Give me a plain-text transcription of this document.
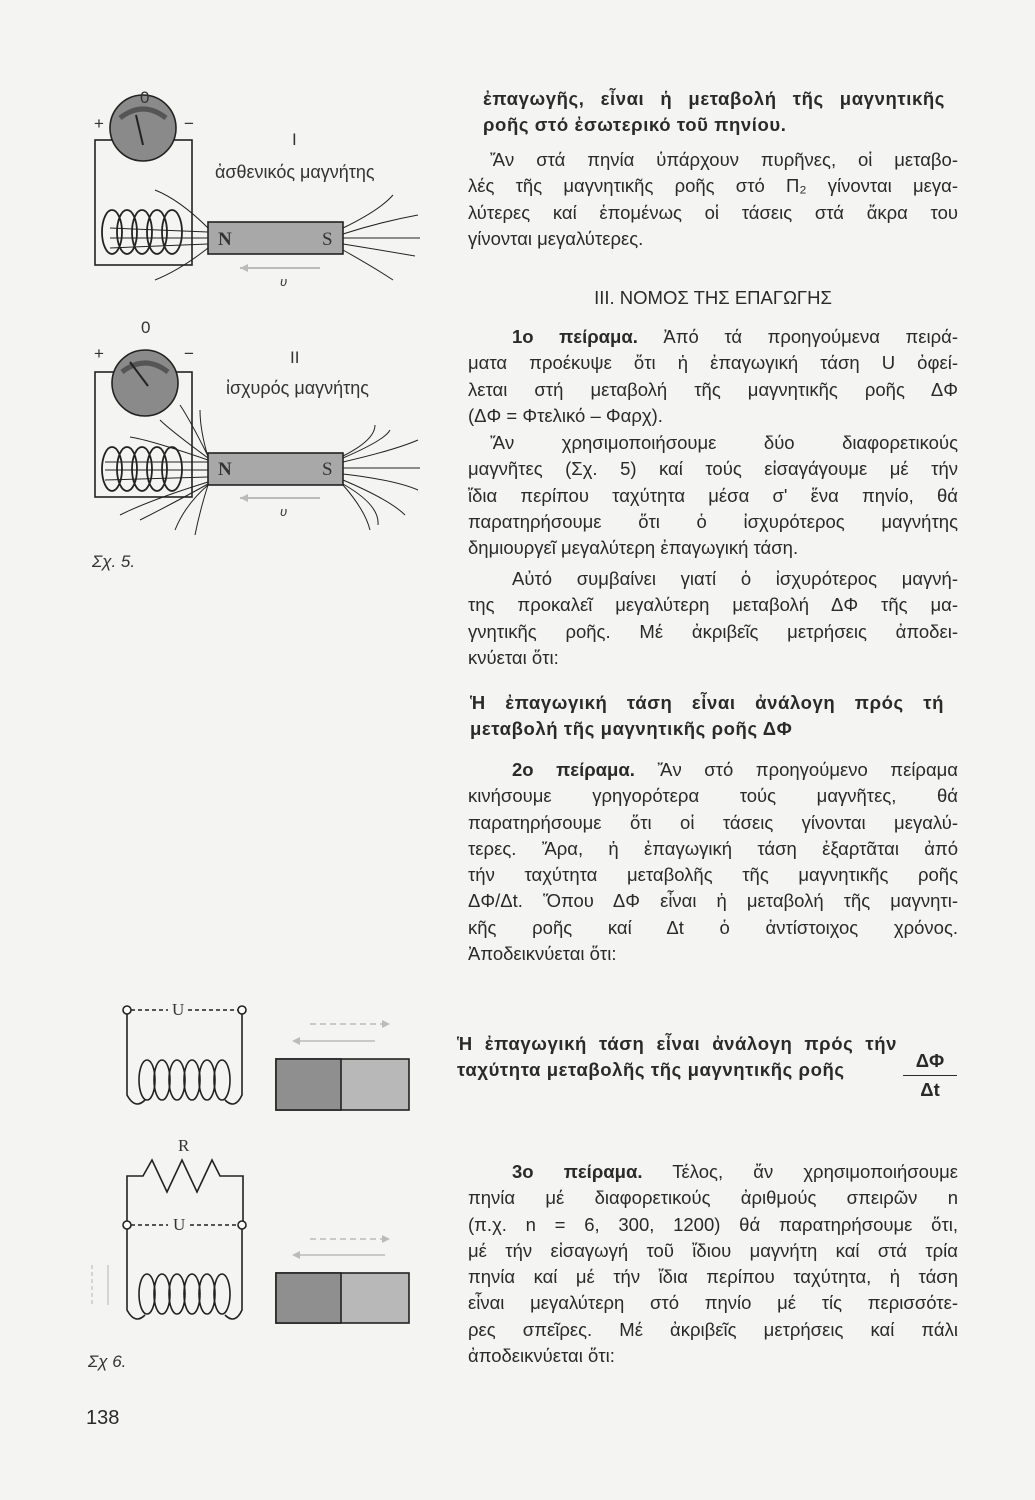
0
+	−
I
ἀσθενικός μαγνήτης
N	S
υ
0
+	−	II
ἰσχυρός μαγνήτης
N	S
υ
Σχ. 5.
U
R
U
Σχ 6.
138
ἐπαγωγῆς, εἶναι ἡ μεταβολή τῆς μαγνητικῆς
ροῆς στό ἐσωτερικό τοῦ πηνίου.
Ἄν στά πηνία ὑπάρχουν πυρῆνες, οἱ μεταβο-
λές τῆς μαγνητικῆς ροῆς στό Π₂ γίνονται μεγα-
λύτερες καί ἑπομένως οἱ τάσεις στά ἄκρα του
γίνονται μεγαλύτερες.
III. ΝΟΜΟΣ ΤΗΣ ΕΠΑΓΩΓΗΣ
1ο πείραμα. Ἀπό τά προηγούμενα πειρά-
ματα προέκυψε ὅτι ἡ ἐπαγωγική τάση U ὀφεί-
λεται στή μεταβολή τῆς μαγνητικῆς ροῆς ΔΦ
(ΔΦ = Φτελικό – Φαρχ).
Ἄν χρησιμοποιήσουμε δύο διαφορετικούς
μαγνῆτες (Σχ. 5) καί τούς εἰσαγάγουμε μέ τήν
ἴδια περίπου ταχύτητα μέσα σ' ἕνα πηνίο, θά
παρατηρήσουμε ὅτι ὁ ἰσχυρότερος μαγνήτης
δημιουργεῖ μεγαλύτερη ἐπαγωγική τάση.
Αὐτό συμβαίνει γιατί ὁ ἰσχυρότερος μαγνή-
της προκαλεῖ μεγαλύτερη μεταβολή ΔΦ τῆς μα-
γνητικῆς ροῆς. Μέ ἀκριβεῖς μετρήσεις ἀποδει-
κνύεται ὅτι:
Ἡ ἐπαγωγική τάση εἶναι ἀνάλογη πρός τή
μεταβολή τῆς μαγνητικῆς ροῆς ΔΦ
2ο πείραμα. Ἄν στό προηγούμενο πείραμα
κινήσουμε γρηγορότερα τούς μαγνῆτες, θά
παρατηρήσουμε ὅτι οἱ τάσεις γίνονται μεγαλύ-
τερες. Ἄρα, ἡ ἐπαγωγική τάση ἐξαρτᾶται ἀπό
τήν ταχύτητα μεταβολῆς τῆς μαγνητικῆς ροῆς
ΔΦ/Δt. Ὅπου ΔΦ εἶναι ἡ μεταβολή τῆς μαγνητι-
κῆς ροῆς καί Δt ὁ ἀντίστοιχος χρόνος.
Ἀποδεικνύεται ὅτι:
Ἡ ἐπαγωγική τάση εἶναι ἀνάλογη πρός τήν
ταχύτητα μεταβολῆς τῆς μαγνητικῆς ροῆς	$\frac{\Delta\Phi}{\Delta t}$
3ο πείραμα. Τέλος, ἄν χρησιμοποιήσουμε
πηνία μέ διαφορετικούς ἀριθμούς σπειρῶν n
(π.χ. n = 6, 300, 1200) θά παρατηρήσουμε ὅτι,
μέ τήν εἰσαγωγή τοῦ ἴδιου μαγνήτη καί στά τρία
πηνία καί μέ τήν ἴδια περίπου ταχύτητα, ἡ τάση
εἶναι μεγαλύτερη στό πηνίο μέ τίς περισσότε-
ρες σπεῖρες. Μέ ἀκριβεῖς μετρήσεις καί πάλι
ἀποδεικνύεται ὅτι:
